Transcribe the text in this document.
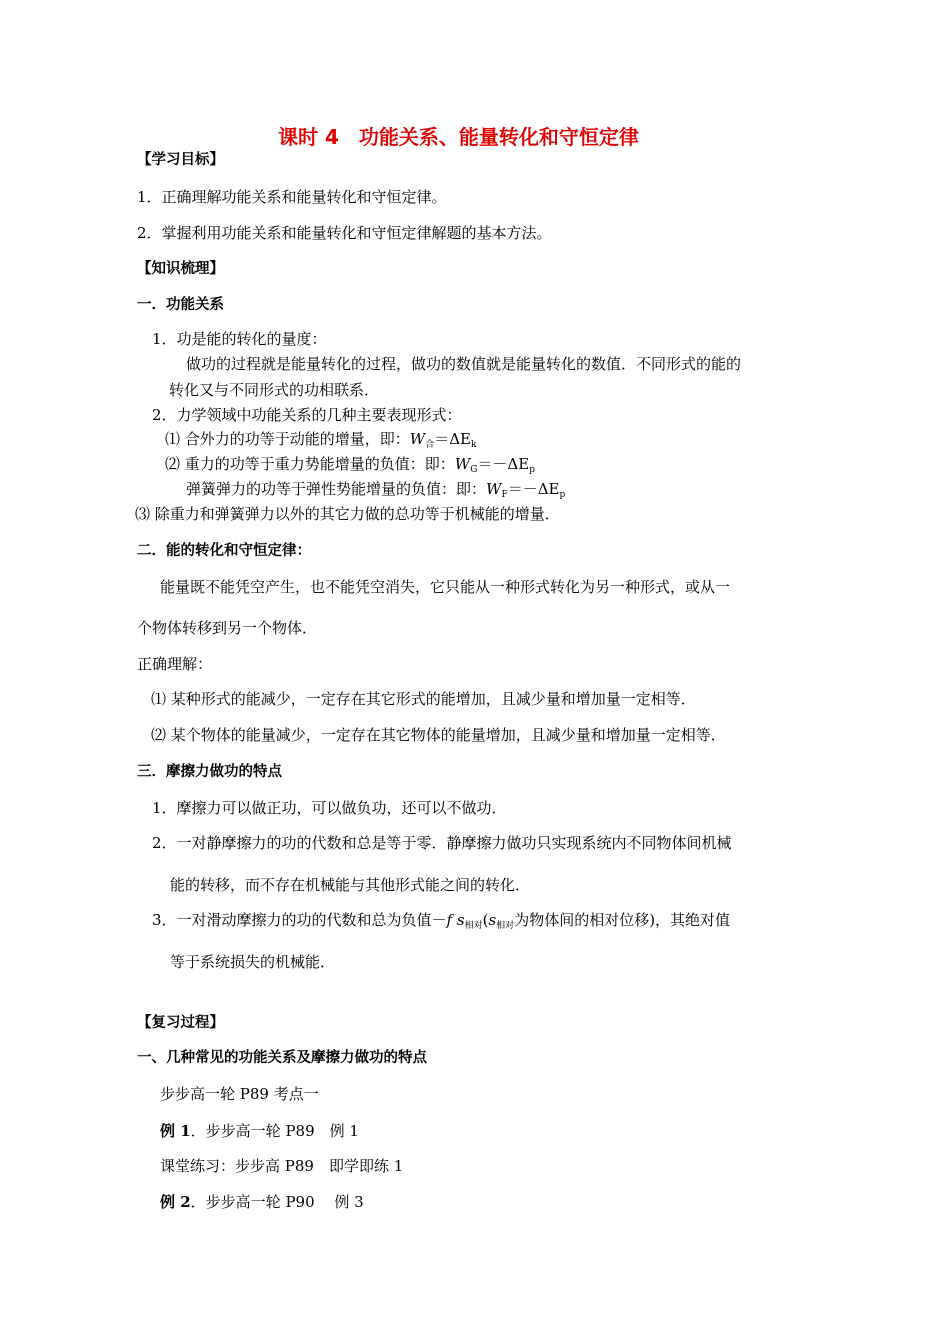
课时 4　功能关系、能量转化和守恒定律
【学习目标】
1．正确理解功能关系和能量转化和守恒定律。
2．掌握利用功能关系和能量转化和守恒定律解题的基本方法。
【知识梳理】
一．功能关系
1．功是能的转化的量度：
做功的过程就是能量转化的过程，做功的数值就是能量转化的数值．不同形式的能的
转化又与不同形式的功相联系．
2．力学领域中功能关系的几种主要表现形式：
⑴ 合外力的功等于动能的增量，即：$W_合=\Delta E_k$
⑵ 重力的功等于重力势能增量的负值：即：$W_G=-\Delta E_p$
弹簧弹力的功等于弹性势能增量的负值：即：$W_F=-\Delta E_p$
⑶ 除重力和弹簧弹力以外的其它力做的总功等于机械能的增量．
二．能的转化和守恒定律：
能量既不能凭空产生，也不能凭空消失，它只能从一种形式转化为另一种形式，或从一
个物体转移到另一个物体．
正确理解：
⑴ 某种形式的能减少，一定存在其它形式的能增加，且减少量和增加量一定相等．
⑵ 某个物体的能量减少，一定存在其它物体的能量增加，且减少量和增加量一定相等．
三．摩擦力做功的特点
1．摩擦力可以做正功，可以做负功，还可以不做功．
2．一对静摩擦力的功的代数和总是等于零．静摩擦力做功只实现系统内不同物体间机械
能的转移，而不存在机械能与其他形式能之间的转化．
3．一对滑动摩擦力的功的代数和总为负值－f $s_{相对}(s_{相对}$为物体间的相对位移)，其绝对值
等于系统损失的机械能．
【复习过程】
一、几种常见的功能关系及摩擦力做功的特点
步步高一轮 P89 考点一
例 1．步步高一轮 P89　例 1
课堂练习：步步高 P89　即学即练 1
例 2．步步高一轮 P90　 例 3
